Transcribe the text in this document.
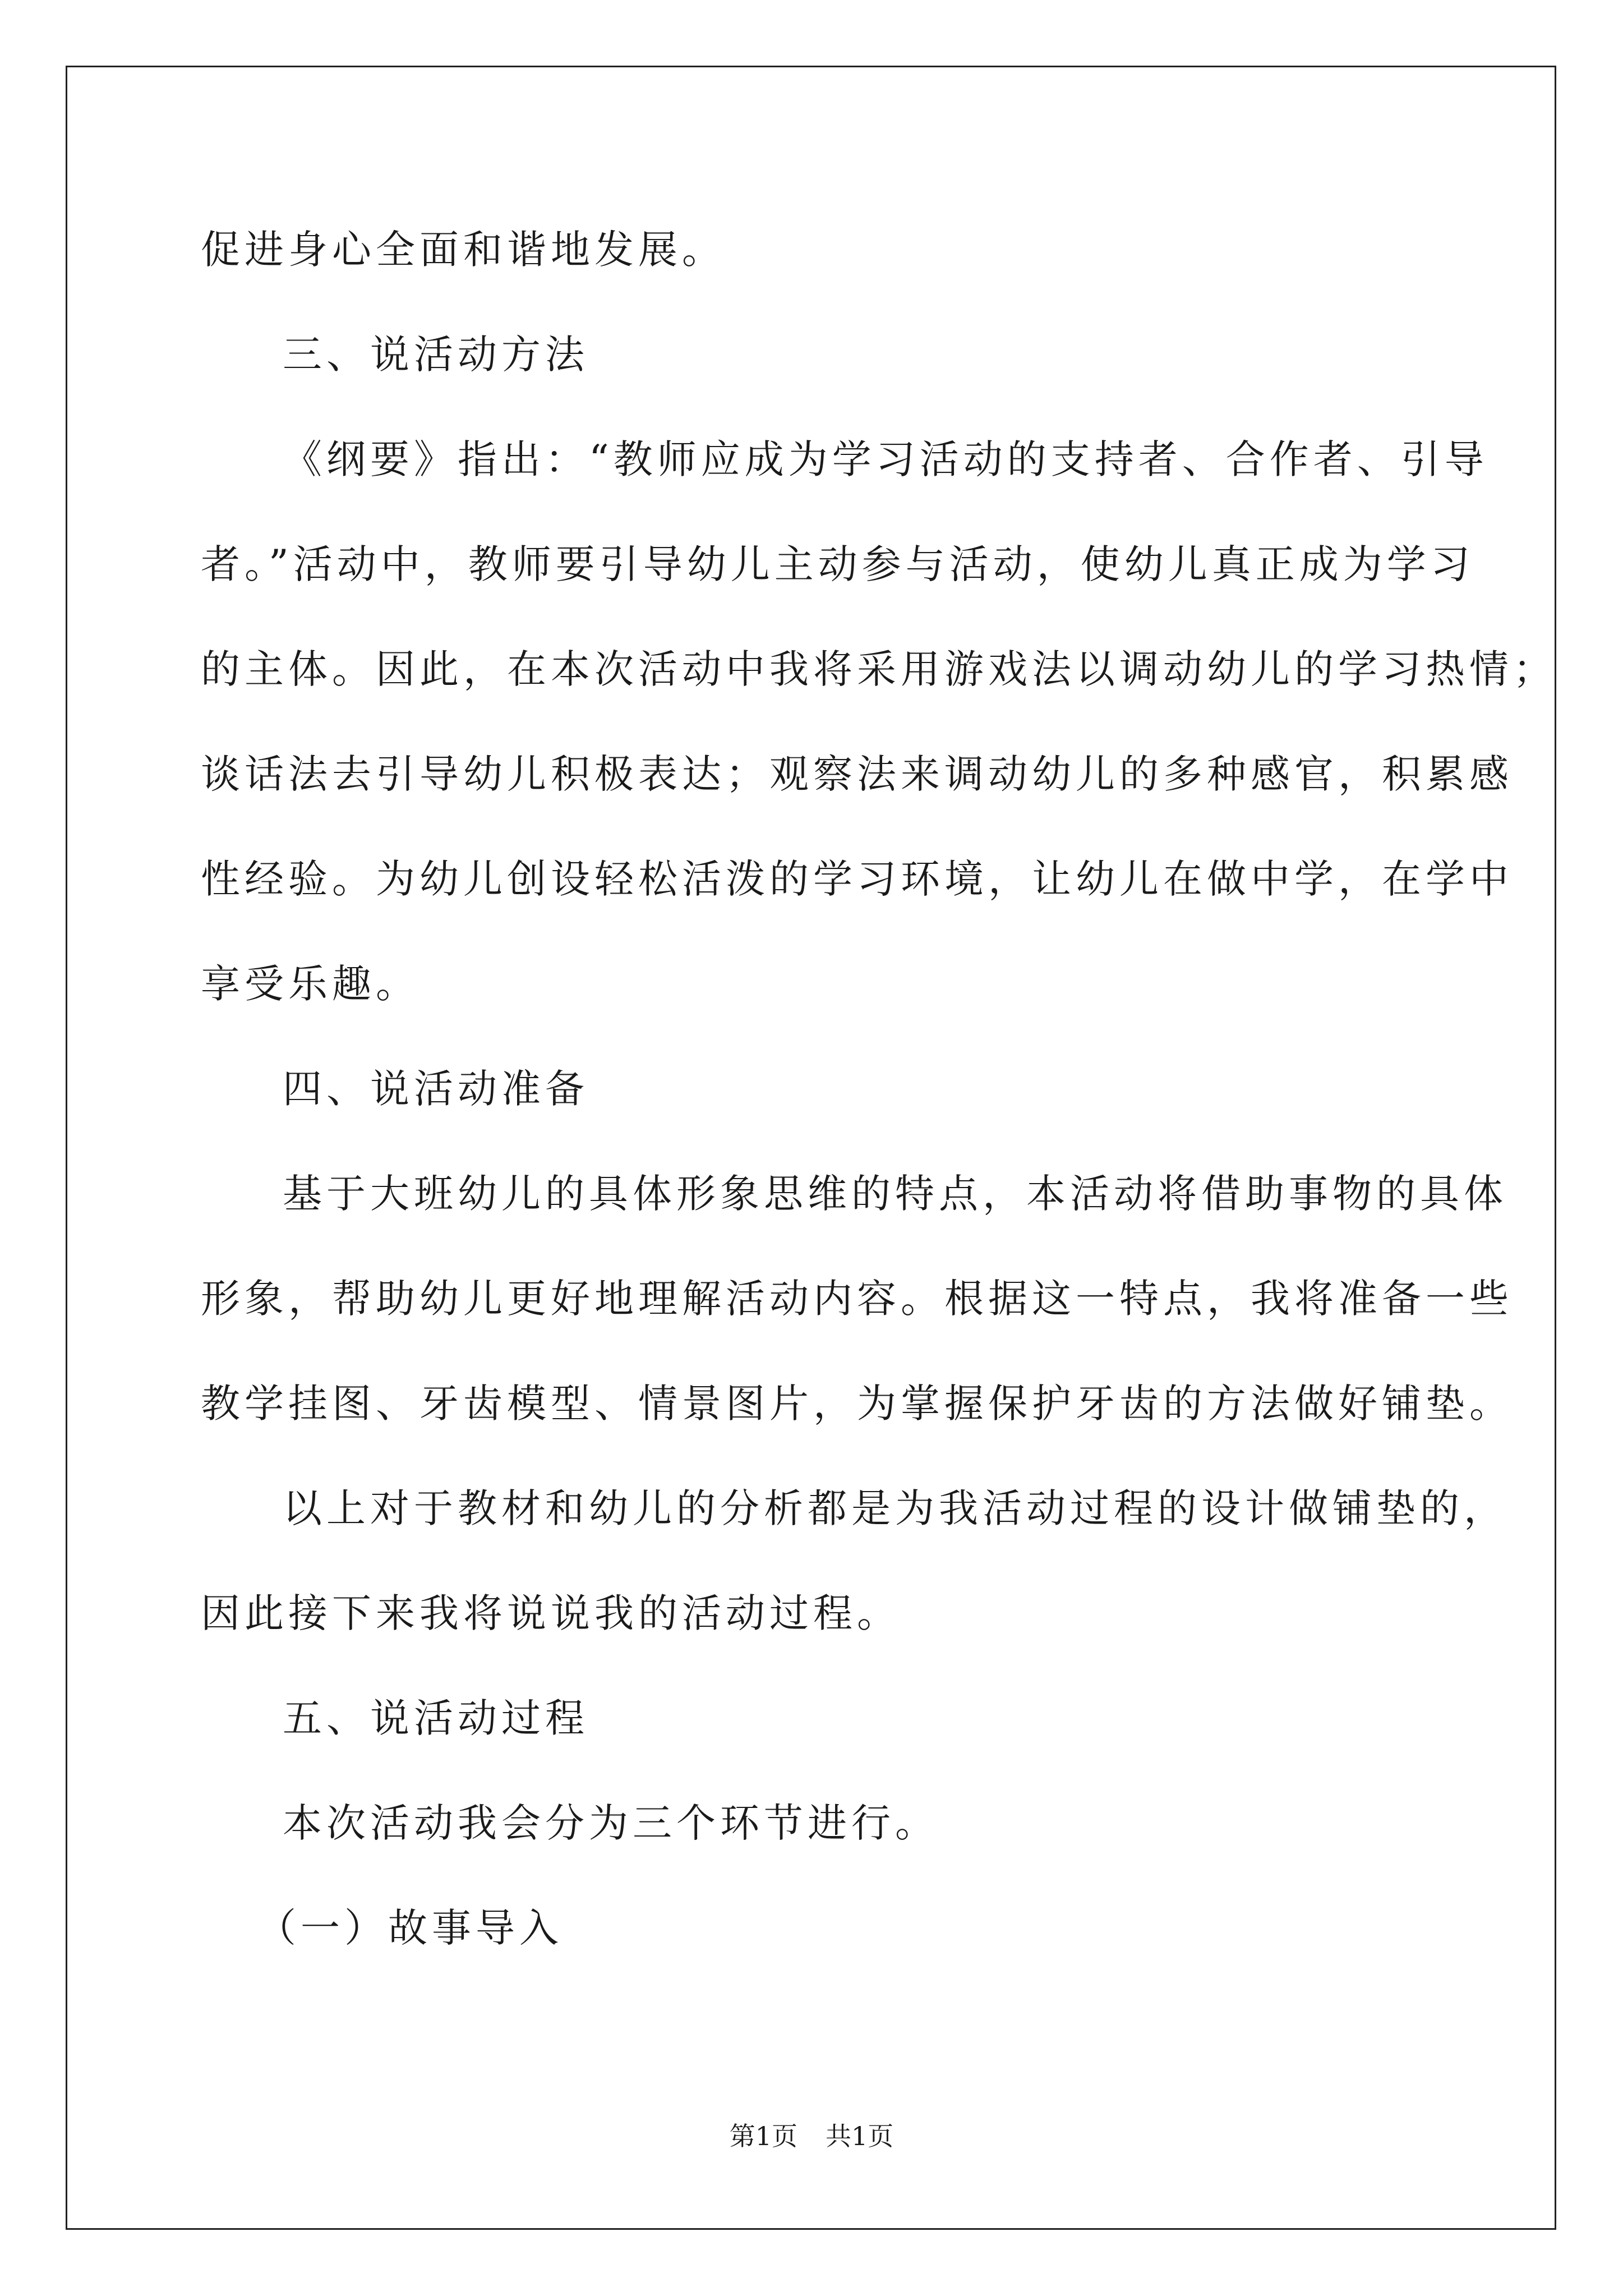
促进身心全面和谐地发展。
三、说活动方法
《纲要》指出：“教师应成为学习活动的支持者、合作者、引导
者。”活动中，教师要引导幼儿主动参与活动，使幼儿真正成为学习
的主体。因此，在本次活动中我将采用游戏法以调动幼儿的学习热情；
谈话法去引导幼儿积极表达；观察法来调动幼儿的多种感官，积累感
性经验。为幼儿创设轻松活泼的学习环境，让幼儿在做中学，在学中
享受乐趣。
四、说活动准备
基于大班幼儿的具体形象思维的特点，本活动将借助事物的具体
形象，帮助幼儿更好地理解活动内容。根据这一特点，我将准备一些
教学挂图、牙齿模型、情景图片，为掌握保护牙齿的方法做好铺垫。
以上对于教材和幼儿的分析都是为我活动过程的设计做铺垫的，
因此接下来我将说说我的活动过程。
五、说活动过程
本次活动我会分为三个环节进行。
（一）故事导入
第1页 共1页
